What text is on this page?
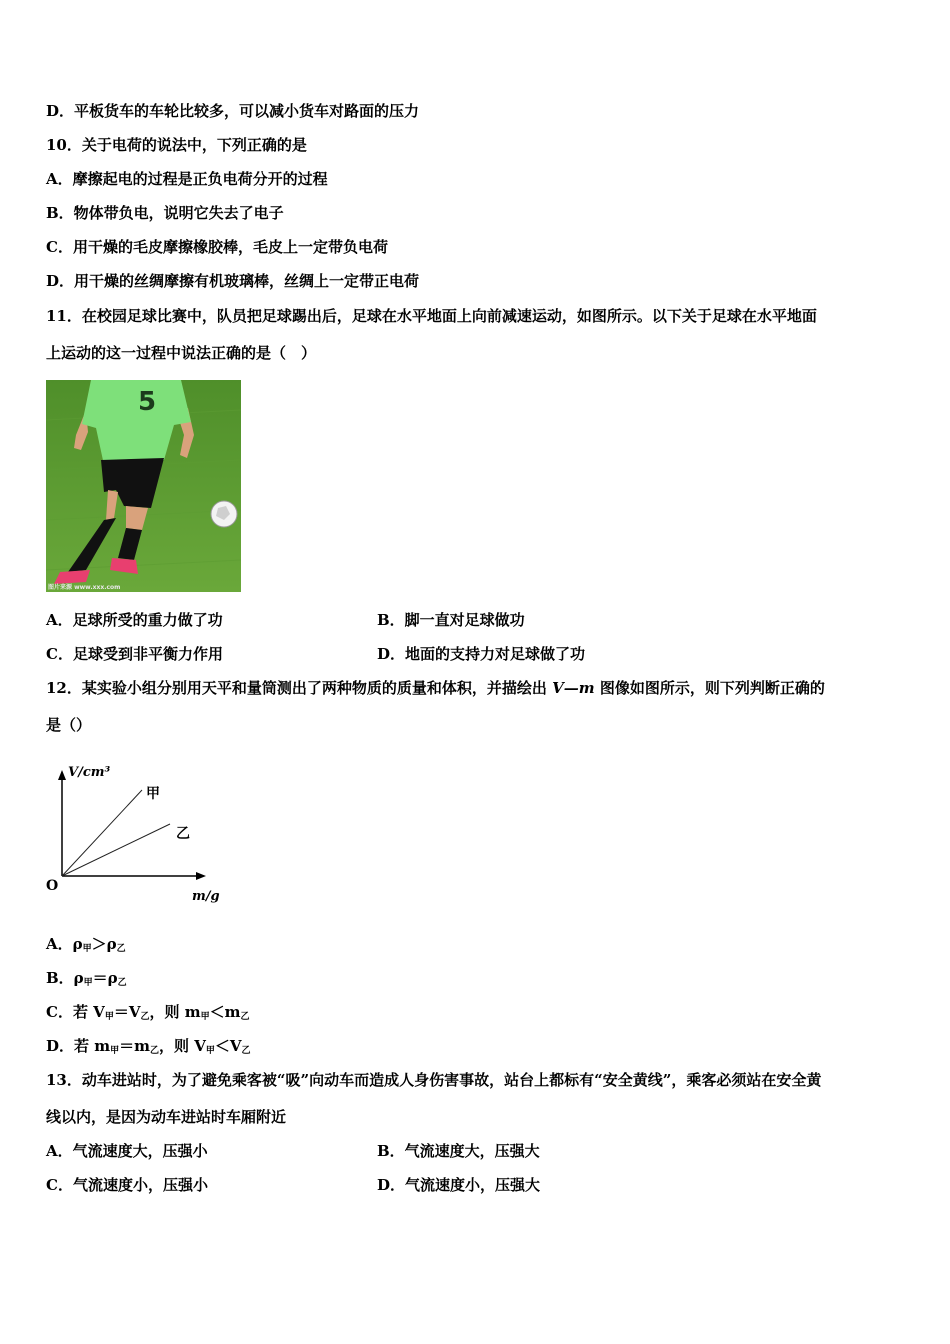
D．平板货车的车轮比较多，可以减小货车对路面的压力
10．关于电荷的说法中，下列正确的是
A．摩擦起电的过程是正负电荷分开的过程
B．物体带负电，说明它失去了电子
C．用干燥的毛皮摩擦橡胶棒，毛皮上一定带负电荷
D．用干燥的丝绸摩擦有机玻璃棒，丝绸上一定带正电荷
11．在校园足球比赛中，队员把足球踢出后，足球在水平地面上向前减速运动，如图所示。以下关于足球在水平地面
上运动的这一过程中说法正确的是（　）
5
图片来源 www.xxx.com
A．足球所受的重力做了功	B．脚一直对足球做功
C．足球受到非平衡力作用	D．地面的支持力对足球做了功
12．某实验小组分别用天平和量筒测出了两种物质的质量和体积，并描绘出 V—m 图像如图所示，则下列判断正确的
是（）
V/cm³
m/g
O
甲
乙
A．$\rho_甲>\rho_乙$
B．$\rho_甲=\rho_乙$
C．若 $V_甲=V_乙$，则 $m_甲<m_乙$
D．若 $m_甲=m_乙$，则 $V_甲<V_乙$
13．动车进站时，为了避免乘客被“吸”向动车而造成人身伤害事故，站台上都标有“安全黄线”，乘客必须站在安全黄
线以内，是因为动车进站时车厢附近
A．气流速度大，压强小	B．气流速度大，压强大
C．气流速度小，压强小	D．气流速度小，压强大
